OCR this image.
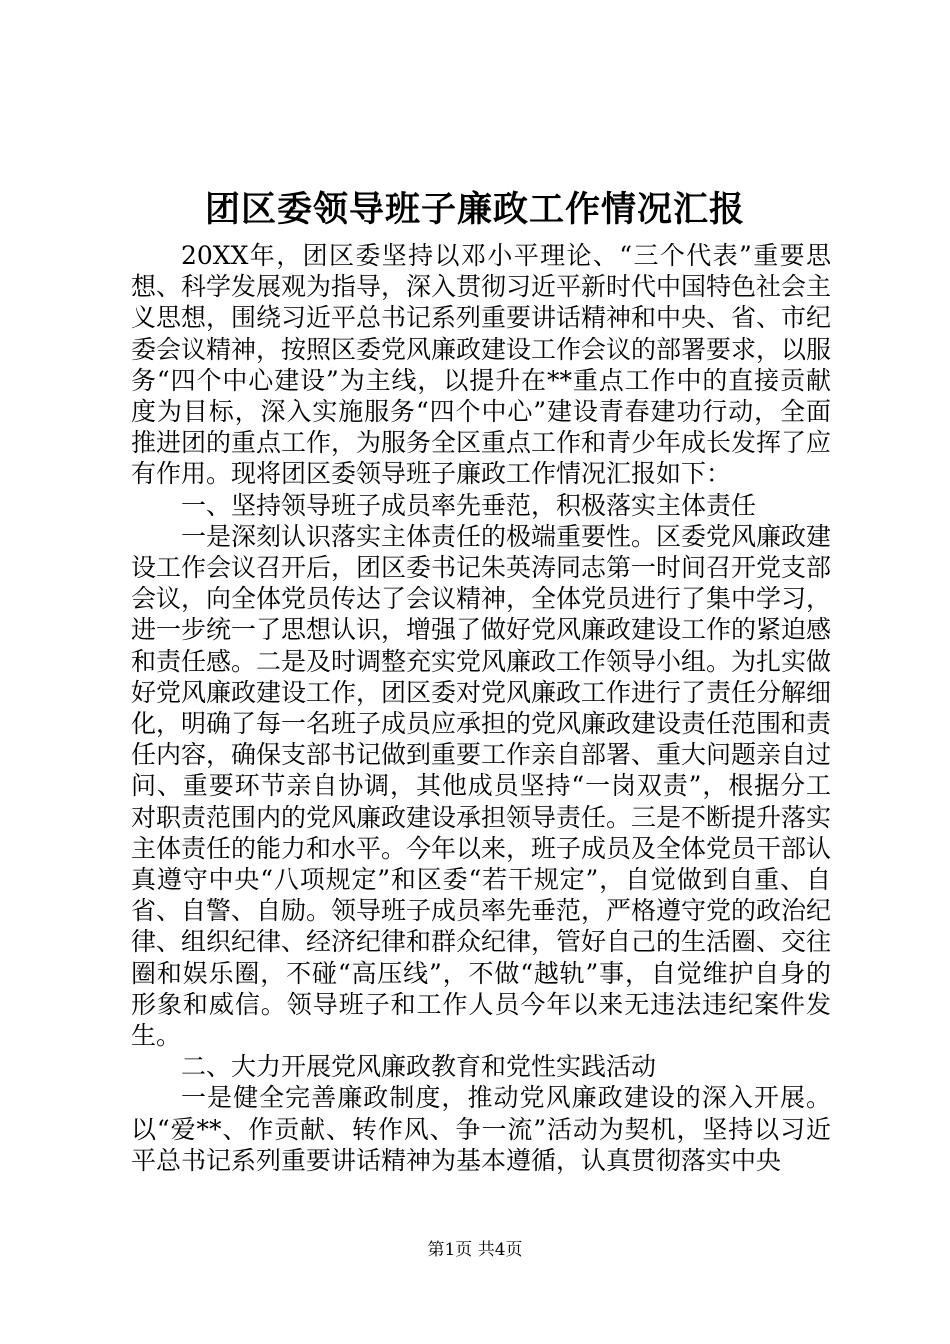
团区委领导班子廉政工作情况汇报

20XX年，团区委坚持以邓小平理论、“三个代表”重要思想、科学发展观为指导，深入贯彻习近平新时代中国特色社会主义思想，围绕习近平总书记系列重要讲话精神和中央、省、市纪委会议精神，按照区委党风廉政建设工作会议的部署要求，以服务“四个中心建设”为主线，以提升在**重点工作中的直接贡献度为目标，深入实施服务“四个中心”建设青春建功行动，全面推进团的重点工作，为服务全区重点工作和青少年成长发挥了应有作用。现将团区委领导班子廉政工作情况汇报如下：

一、坚持领导班子成员率先垂范，积极落实主体责任

一是深刻认识落实主体责任的极端重要性。区委党风廉政建设工作会议召开后，团区委书记朱英涛同志第一时间召开党支部会议，向全体党员传达了会议精神，全体党员进行了集中学习，进一步统一了思想认识，增强了做好党风廉政建设工作的紧迫感和责任感。二是及时调整充实党风廉政工作领导小组。为扎实做好党风廉政建设工作，团区委对党风廉政工作进行了责任分解细化，明确了每一名班子成员应承担的党风廉政建设责任范围和责任内容，确保支部书记做到重要工作亲自部署、重大问题亲自过问、重要环节亲自协调，其他成员坚持“一岗双责”，根据分工对职责范围内的党风廉政建设承担领导责任。三是不断提升落实主体责任的能力和水平。今年以来，班子成员及全体党员干部认真遵守中央“八项规定”和区委“若干规定”，自觉做到自重、自省、自警、自励。领导班子成员率先垂范，严格遵守党的政治纪律、组织纪律、经济纪律和群众纪律，管好自己的生活圈、交往圈和娱乐圈，不碰“高压线”，不做“越轨”事，自觉维护自身的形象和威信。领导班子和工作人员今年以来无违法违纪案件发生。

二、大力开展党风廉政教育和党性实践活动

一是健全完善廉政制度，推动党风廉政建设的深入开展。以“爱**、作贡献、转作风、争一流”活动为契机，坚持以习近平总书记系列重要讲话精神为基本遵循，认真贯彻落实中央

第1页 共4页
